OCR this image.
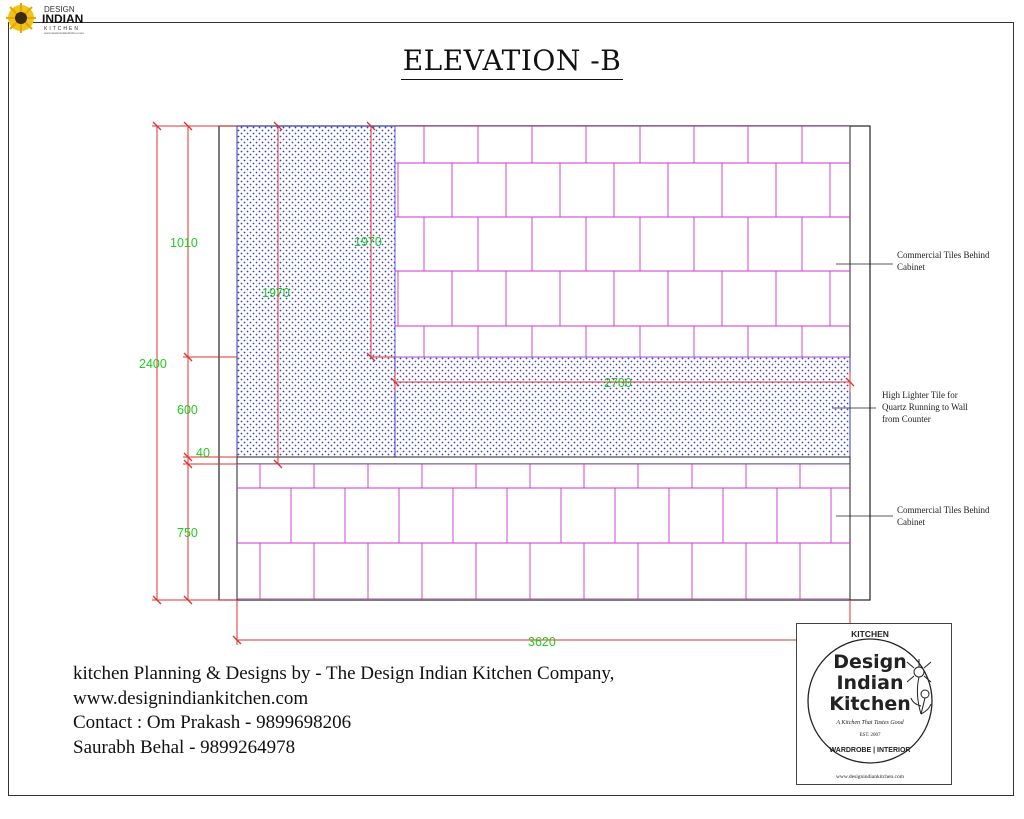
DESIGN
INDIAN
KITCHEN
www.designindiankitchen.com
ELEVATION -B
2400
1010
600
40
750
1970
1970
2700
3620
Commercial Tiles Behind
Cabinet
High Lighter Tile for
Quartz Running to Wall
from Counter
Commercial Tiles Behind
Cabinet
kitchen Planning & Designs by - The Design Indian Kitchen Company,
www.designindiankitchen.com
Contact : Om Prakash - 9899698206
Saurabh Behal - 9899264978
KITCHEN
Design
Indian
Kitchen
A Kitchen That Tastes Good
EST. 2007
WARDROBE | INTERIOR
www.designindiankitchen.com
